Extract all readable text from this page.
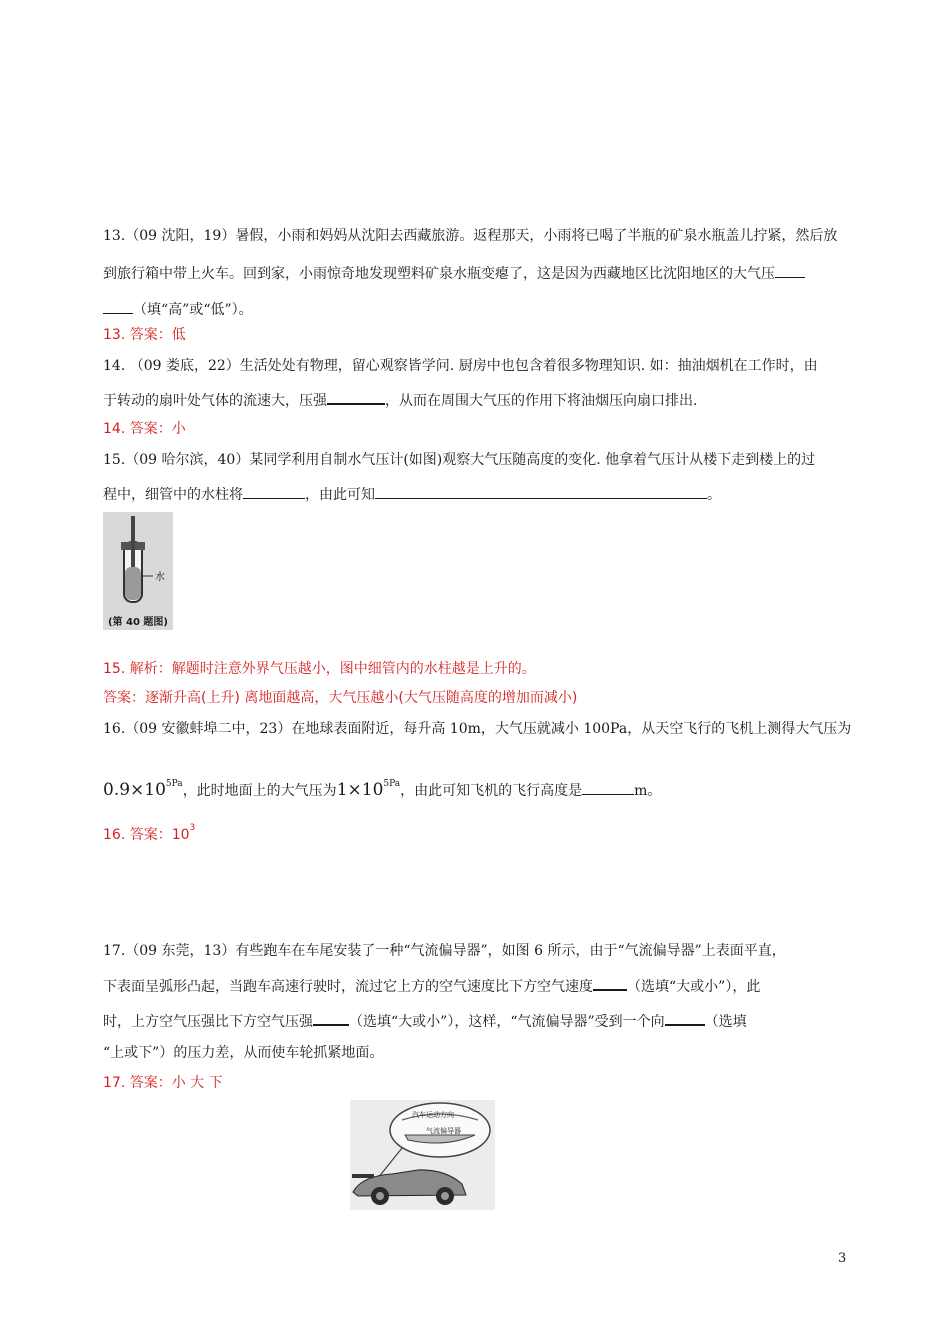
13.（09 沈阳，19）暑假，小雨和妈妈从沈阳去西藏旅游。返程那天，小雨将已喝了半瓶的矿泉水瓶盖儿拧紧，然后放
到旅行箱中带上火车。回到家，小雨惊奇地发现塑料矿泉水瓶变瘪了，这是因为西藏地区比沈阳地区的大气压
（填“高”或“低”）。
13. 答案：低
14. （09 娄底，22）生活处处有物理，留心观察皆学问. 厨房中也包含着很多物理知识. 如：抽油烟机在工作时，由
于转动的扇叶处气体的流速大，压强	，从而在周围大气压的作用下将油烟压向扇口排出.
14. 答案：小
15.（09 哈尔滨，40）某同学利用自制水气压计(如图)观察大气压随高度的变化. 他拿着气压计从楼下走到楼上的过
程中，细管中的水柱将	，由此可知	。
水
(第 40 题图)
15. 解析：解题时注意外界气压越小，图中细管内的水柱越是上升的。
答案：逐渐升高(上升) 离地面越高，大气压越小(大气压随高度的增加而减小)
16.（09 安徽蚌埠二中，23）在地球表面附近，每升高 10m，大气压就减小 100Pa，从天空飞行的飞机上测得大气压为
$0.9\times 10^{5Pa}$，此时地面上的大气压为$1\times 10^{5Pa}$，由此可知飞机的飞行高度是	m。
16. 答案：$10^3$
17.（09 东莞，13）有些跑车在车尾安装了一种“气流偏导器”，如图 6 所示，由于“气流偏导器”上表面平直，
下表面呈弧形凸起，当跑车高速行驶时，流过它上方的空气速度比下方空气速度 （选填“大或小”），此
时，上方空气压强比下方空气压强	（选填“大或小”），这样，“气流偏导器”受到一个向	（选填
“上或下”）的压力差，从而使车轮抓紧地面。
17. 答案：小 大 下
汽车运动方向
气流偏导器
3
